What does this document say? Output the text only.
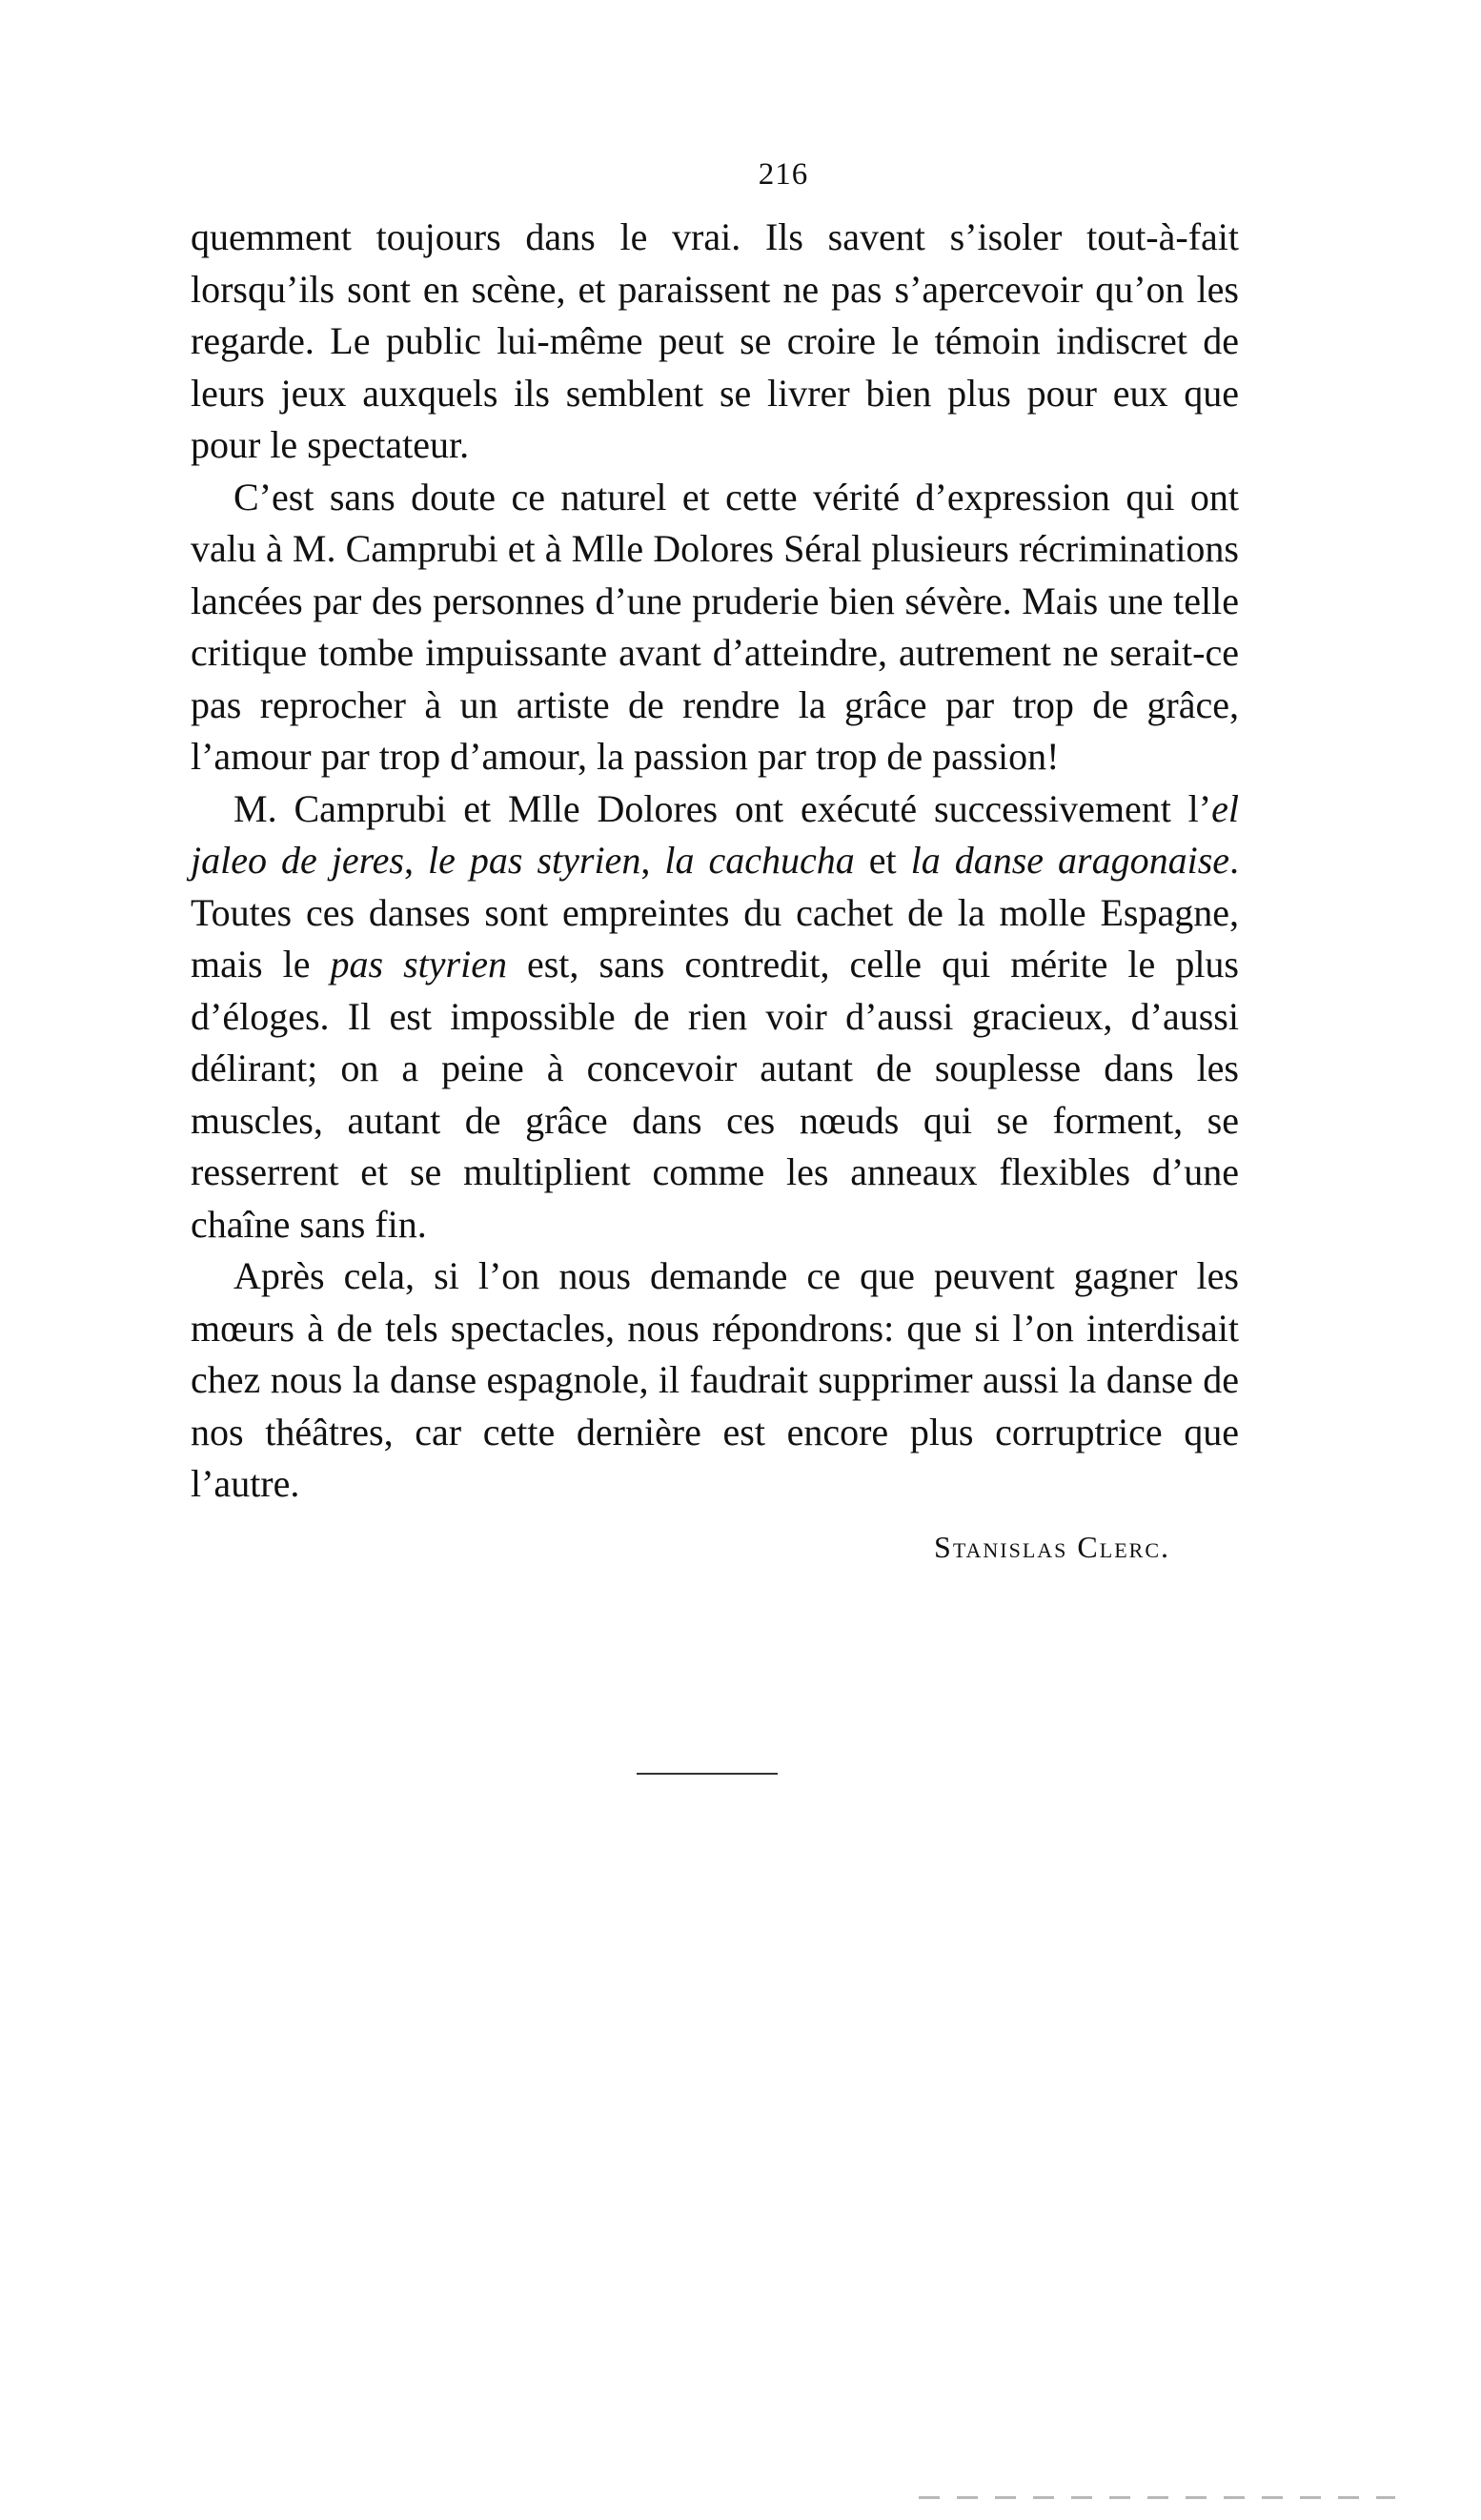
216

quemment toujours dans le vrai. Ils savent s’isoler tout-à-fait lorsqu’ils sont en scène, et paraissent ne pas s’apercevoir qu’on les regarde. Le public lui-même peut se croire le témoin indiscret de leurs jeux auxquels ils semblent se livrer bien plus pour eux que pour le spectateur.

C’est sans doute ce naturel et cette vérité d’expression qui ont valu à M. Camprubi et à Mlle Dolores Séral plusieurs récriminations lancées par des personnes d’une pruderie bien sévère. Mais une telle critique tombe impuissante avant d’atteindre, autrement ne serait-ce pas reprocher à un artiste de rendre la grâce par trop de grâce, l’amour par trop d’amour, la passion par trop de passion!

M. Camprubi et Mlle Dolores ont exécuté successivement l’el jaleo de jeres, le pas styrien, la cachucha et la danse aragonaise. Toutes ces danses sont empreintes du cachet de la molle Espagne, mais le pas styrien est, sans contredit, celle qui mérite le plus d’éloges. Il est impossible de rien voir d’aussi gracieux, d’aussi délirant; on a peine à concevoir autant de souplesse dans les muscles, autant de grâce dans ces nœuds qui se forment, se resserrent et se multiplient comme les anneaux flexibles d’une chaîne sans fin.

Après cela, si l’on nous demande ce que peuvent gagner les mœurs à de tels spectacles, nous répondrons: que si l’on interdisait chez nous la danse espagnole, il faudrait supprimer aussi la danse de nos théâtres, car cette dernière est encore plus corruptrice que l’autre.

Stanislas Clerc.
